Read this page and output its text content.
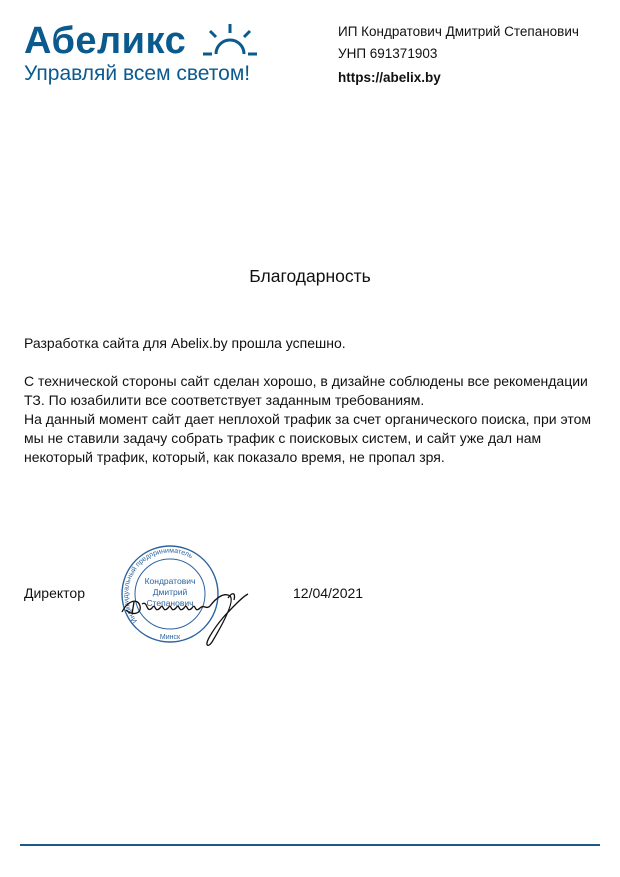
Абеликс
Управляй всем светом!
ИП Кондратович Дмитрий Степанович
УНП 691371903
https://abelix.by
Благодарность

Разработка сайта для Abelix.by прошла успешно.

С технической стороны сайт сделан хорошо, в дизайне соблюдены все рекомендации ТЗ. По юзабилити все соответствует заданным требованиям.

На данный момент сайт дает неплохой трафик за счет органического поиска, при этом мы не ставили задачу собрать трафик с поисковых систем, и сайт уже дал нам некоторый трафик, который, как показало время, не пропал зря.

Директор	12/04/2021
Индивидуальный предприниматель
Минск
Кондратович
Дмитрий
Степанович
